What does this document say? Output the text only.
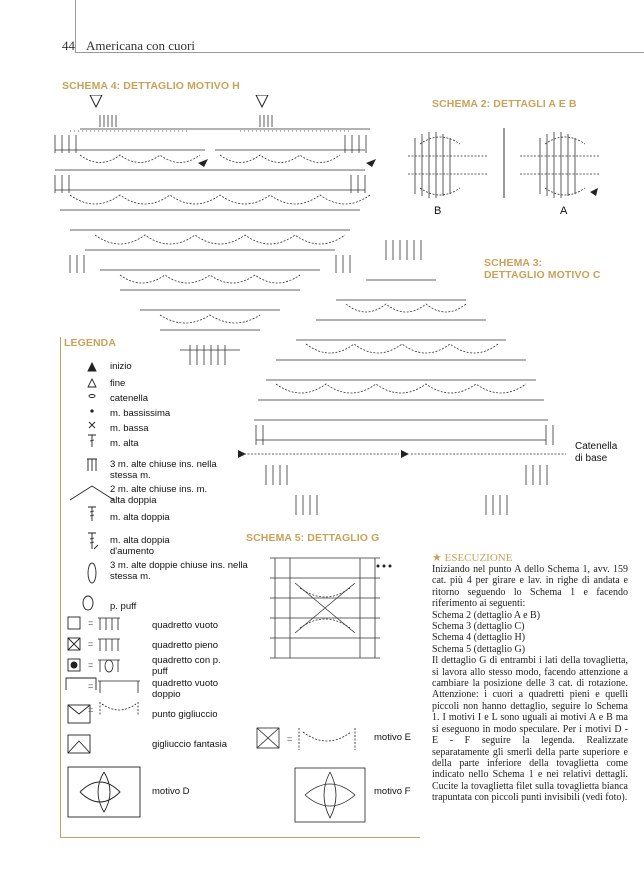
44 Americana con cuori
SCHEMA 4: DETTAGLIO MOTIVO H
SCHEMA 2: DETTAGLI A E B
SCHEMA 3:
DETTAGLIO MOTIVO C
SCHEMA 5: DETTAGLIO G
B	A
Catenella
di base
LEGENDA
inizio
fine
catenella
m. bassissima
m. bassa
m. alta
3 m. alte chiuse ins. nella stessa m.
2 m. alte chiuse ins. m. alta doppia
m. alta doppia
m. alta doppia d'aumento
3 m. alte doppie chiuse ins. nella stessa m.
p. puff
=
=
=
=
=
quadretto vuoto
quadretto pieno
quadretto con p. puff
quadretto vuoto doppio
punto gigliuccio
gigliuccio fantasia
motivo D
=	motivo E
motivo F
★ ESECUZIONE

Iniziando nel punto A dello Schema 1, avv. 159 cat. più 4 per girare e lav. in righe di andata e ritorno seguendo lo Schema 1 e facendo riferimento ai seguenti:

Schema 2 (dettaglio A e B)

Schema 3 (dettaglio C)

Schema 4 (dettaglio H)

Schema 5 (dettaglio G)

Il dettaglio G di entrambi i lati della tovaglietta, si lavora allo stesso modo, facendo attenzione a cambiare la posizione delle 3 cat. di rotazione. Attenzione: i cuori a quadretti pieni e quelli piccoli non hanno dettaglio, seguire lo Schema 1. I motivi I e L sono uguali ai motivi A e B ma si eseguono in modo speculare. Per i motivi D - E - F seguire la legenda. Realizzate separatamente gli smerli della parte superiore e della parte inferiore della tovaglietta come indicato nello Schema 1 e nei relativi dettagli. Cucite la tovaglietta filet sulla tovaglietta bianca trapuntata con piccoli punti invisibili (vedi foto).
